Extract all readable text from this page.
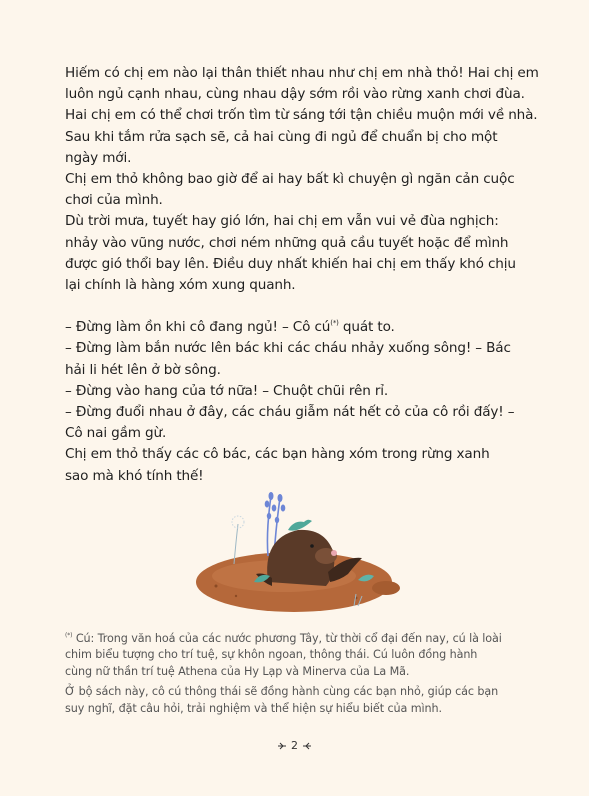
Hiếm có chị em nào lại thân thiết nhau như chị em nhà thỏ! Hai chị em

luôn ngủ cạnh nhau, cùng nhau dậy sớm rồi vào rừng xanh chơi đùa.

Hai chị em có thể chơi trốn tìm từ sáng tới tận chiều muộn mới về nhà.

Sau khi tắm rửa sạch sẽ, cả hai cùng đi ngủ để chuẩn bị cho một

ngày mới.

Chị em thỏ không bao giờ để ai hay bất kì chuyện gì ngăn cản cuộc

chơi của mình.

Dù trời mưa, tuyết hay gió lớn, hai chị em vẫn vui vẻ đùa nghịch:

nhảy vào vũng nước, chơi ném những quả cầu tuyết hoặc để mình

được gió thổi bay lên. Điều duy nhất khiến hai chị em thấy khó chịu

lại chính là hàng xóm xung quanh.

– Đừng làm ồn khi cô đang ngủ! – Cô cú(*) quát to.

– Đừng làm bắn nước lên bác khi các cháu nhảy xuống sông! – Bác

hải li hét lên ở bờ sông.

– Đừng vào hang của tớ nữa! – Chuột chũi rên rỉ.

– Đừng đuổi nhau ở đây, các cháu giẫm nát hết cỏ của cô rồi đấy! –

Cô nai gầm gừ.

Chị em thỏ thấy các cô bác, các bạn hàng xóm trong rừng xanh

sao mà khó tính thế!

(*) Cú: Trong văn hoá của các nước phương Tây, từ thời cổ đại đến nay, cú là loài

chim biểu tượng cho trí tuệ, sự khôn ngoan, thông thái. Cú luôn đồng hành

cùng nữ thần trí tuệ Athena của Hy Lạp và Minerva của La Mã.

Ở bộ sách này, cô cú thông thái sẽ đồng hành cùng các bạn nhỏ, giúp các bạn

suy nghĩ, đặt câu hỏi, trải nghiệm và thể hiện sự hiểu biết của mình.

2
